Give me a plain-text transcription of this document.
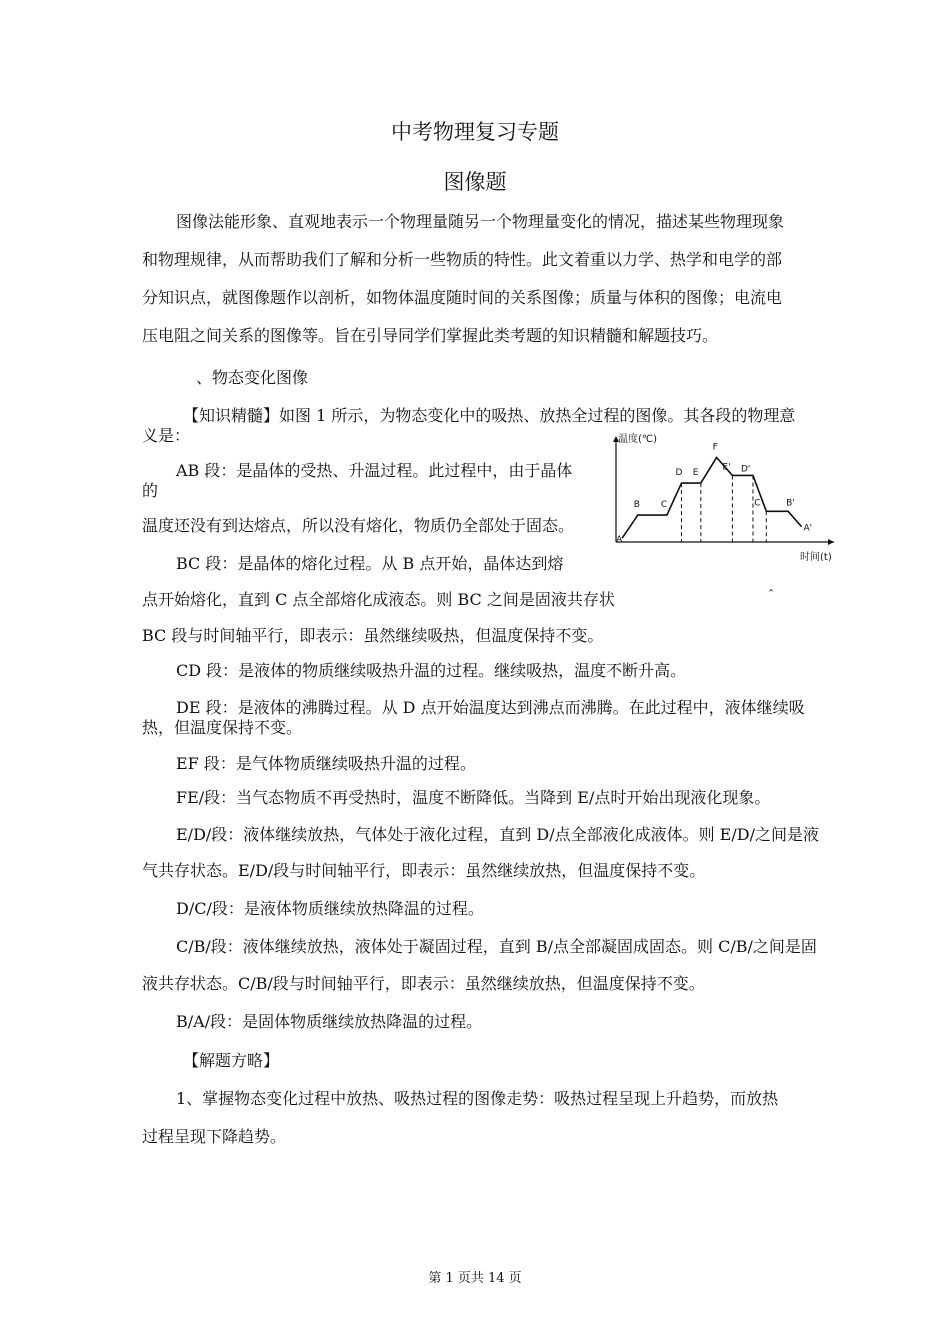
中考物理复习专题
图像题
图像法能形象、直观地表示一个物理量随另一个物理量变化的情况，描述某些物理现象
和物理规律，从而帮助我们了解和分析一些物质的特性。此文着重以力学、热学和电学的部
分知识点，就图像题作以剖析，如物体温度随时间的关系图像；质量与体积的图像；电流电
压电阻之间关系的图像等。旨在引导同学们掌握此类考题的知识精髓和解题技巧。
、物态变化图像
【知识精髓】如图 1 所示，为物态变化中的吸热、放热全过程的图像。其各段的物理意
义是：
AB 段：是晶体的受热、升温过程。此过程中，由于晶体
的
温度还没有到达熔点，所以没有熔化，物质仍全部处于固态。
BC 段：是晶体的熔化过程。从 B 点开始，晶体达到熔
点开始熔化，直到 C 点全部熔化成液态。则 BC 之间是固液共存状	ˆ
BC 段与时间轴平行，即表示：虽然继续吸热，但温度保持不变。
CD 段：是液体的物质继续吸热升温的过程。继续吸热，温度不断升高。
DE 段：是液体的沸腾过程。从 D 点开始温度达到沸点而沸腾。在此过程中，液体继续吸
热，但温度保持不变。
EF 段：是气体物质继续吸热升温的过程。
FE/段：当气态物质不再受热时，温度不断降低。当降到 E/点时开始出现液化现象。
E/D/段：液体继续放热，气体处于液化过程，直到 D/点全部液化成液体。则 E/D/之间是液
气共存状态。E/D/段与时间轴平行，即表示：虽然继续放热，但温度保持不变。
D/C/段：是液体物质继续放热降温的过程。
C/B/段：液体继续放热，液体处于凝固过程，直到 B/点全部凝固成固态。则 C/B/之间是固
液共存状态。C/B/段与时间轴平行，即表示：虽然继续放热，但温度保持不变。
B/A/段：是固体物质继续放热降温的过程。
【解题方略】
1、掌握物态变化过程中放热、吸热过程的图像走势：吸热过程呈现上升趋势，而放热
过程呈现下降趋势。
A
B C
D E
F
E' D'
C'	B'
A'
温度(℃)
时间(t)
第 1 页共 14 页
